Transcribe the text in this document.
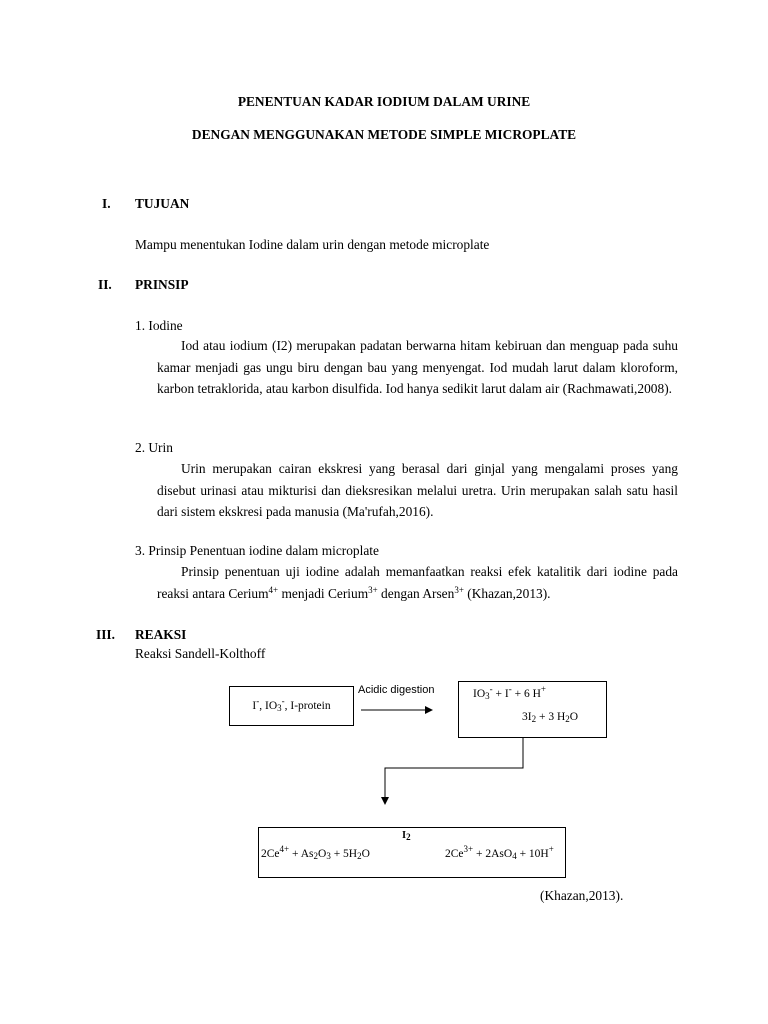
PENENTUAN KADAR IODIUM DALAM URINE
DENGAN MENGGUNAKAN METODE SIMPLE MICROPLATE
I. TUJUAN
Mampu menentukan Iodine dalam urin dengan metode microplate
II. PRINSIP
1. Iodine
Iod atau iodium (I2) merupakan padatan berwarna hitam kebiruan dan menguap pada suhu kamar menjadi gas ungu biru dengan bau yang menyengat. Iod mudah larut dalam kloroform, karbon tetraklorida, atau karbon disulfida. Iod hanya sedikit larut dalam air (Rachmawati,2008).
2. Urin
Urin merupakan cairan ekskresi yang berasal dari ginjal yang mengalami proses yang disebut urinasi atau mikturisi dan dieksresikan melalui uretra. Urin merupakan salah satu hasil dari sistem ekskresi pada manusia (Ma'rufah,2016).
3. Prinsip Penentuan iodine dalam microplate
Prinsip penentuan uji iodine adalah memanfaatkan reaksi efek katalitik dari iodine pada reaksi antara Cerium$^{4+}$ menjadi Cerium$^{3+}$ dengan Arsen$^{3+}$ (Khazan,2013).
III. REAKSI
Reaksi Sandell-Kolthoff
I-, $IO_3^-$, I-protein
Acidic digestion	$IO_3^- + I^- + 6$ H+
$3I_2 + 3$ $H_2O$
$I_2$
$2Ce^{4+} + As_2O_3 + 5H_2O$	$2Ce^{3+} + 2AsO_4 + 10H^+$
(Khazan,2013).
